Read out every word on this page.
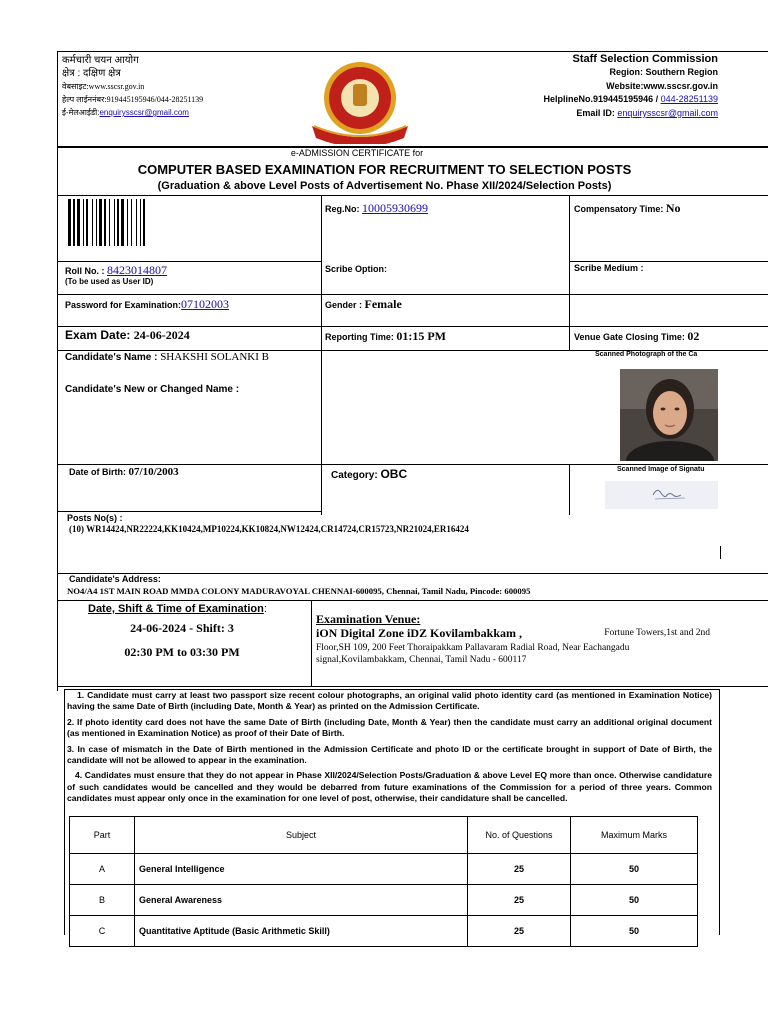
कर्मचारी चयन आयोग
क्षेत्र : दक्षिण क्षेत्र
वेबसाइट:www.sscsr.gov.in
हेल्प लाईननंबर:919445195946/044-28251139
ई-मेलआईडी:enquirysscsr@gmail.com
Staff Selection Commission
Region: Southern Region
Website:www.sscsr.gov.in
HelplineNo.919445195946 / 044-28251139
Email ID: enquirysscsr@gmail.com
e-ADMISSION CERTIFICATE for
COMPUTER BASED EXAMINATION FOR RECRUITMENT TO SELECTION POSTS
(Graduation & above Level Posts of Advertisement No. Phase XII/2024/Selection Posts)
Reg.No: 10005930699	Compensatory Time: No
Roll No. : 8423014807
(To be used as User ID)
Scribe Option:	Scribe Medium :
Password for Examination:07102003	Gender : Female
Exam Date: 24-06-2024	Reporting Time: 01:15 PM	Venue Gate Closing Time: 02
Candidate's Name : SHAKSHI SOLANKI B
Candidate's New or Changed Name :
Scanned Photograph of the Ca
Date of Birth: 07/10/2003	Category: OBC	Scanned Image of Signatu
Posts No(s) :
(10) WR14424,NR22224,KK10424,MP10224,KK10824,NW12424,CR14724,CR15723,NR21024,ER16424
Candidate's Address:
NO4/A4 1ST MAIN ROAD MMDA COLONY MADURAVOYAL CHENNAI-600095, Chennai, Tamil Nadu, Pincode: 600095
Date, Shift & Time of Examination:
24-06-2024 - Shift: 3
02:30 PM to 03:30 PM
Examination Venue:
iON Digital Zone iDZ Kovilambakkam ,	Fortune Towers,1st and 2nd
Floor,SH 109, 200 Feet Thoraipakkam Pallavaram Radial Road, Near Eachangadu
signal,Kovilambakkam, Chennai, Tamil Nadu - 600117
1. Candidate must carry at least two passport size recent colour photographs, an original valid photo identity card (as mentioned in Examination Notice) having the same Date of Birth (including Date, Month & Year) as printed on the Admission Certificate.
2. If photo identity card does not have the same Date of Birth (including Date, Month & Year) then the candidate must carry an additional original document (as mentioned in Examination Notice) as proof of their Date of Birth.
3. In case of mismatch in the Date of Birth mentioned in the Admission Certificate and photo ID or the certificate brought in support of Date of Birth, the candidate will not be allowed to appear in the examination.
4. Candidates must ensure that they do not appear in Phase XII/2024/Selection Posts/Graduation & above Level EQ more than once. Otherwise candidature of such candidates would be cancelled and they would be debarred from future examinations of the Commission for a period of three years. Common candidates must appear only once in the examination for one level of post, otherwise, their candidature shall be cancelled.
Part	Subject	No. of Questions	Maximum Marks
A	General Intelligence	25	50
B	General Awareness	25	50
C	Quantitative Aptitude (Basic Arithmetic Skill)	25	50
